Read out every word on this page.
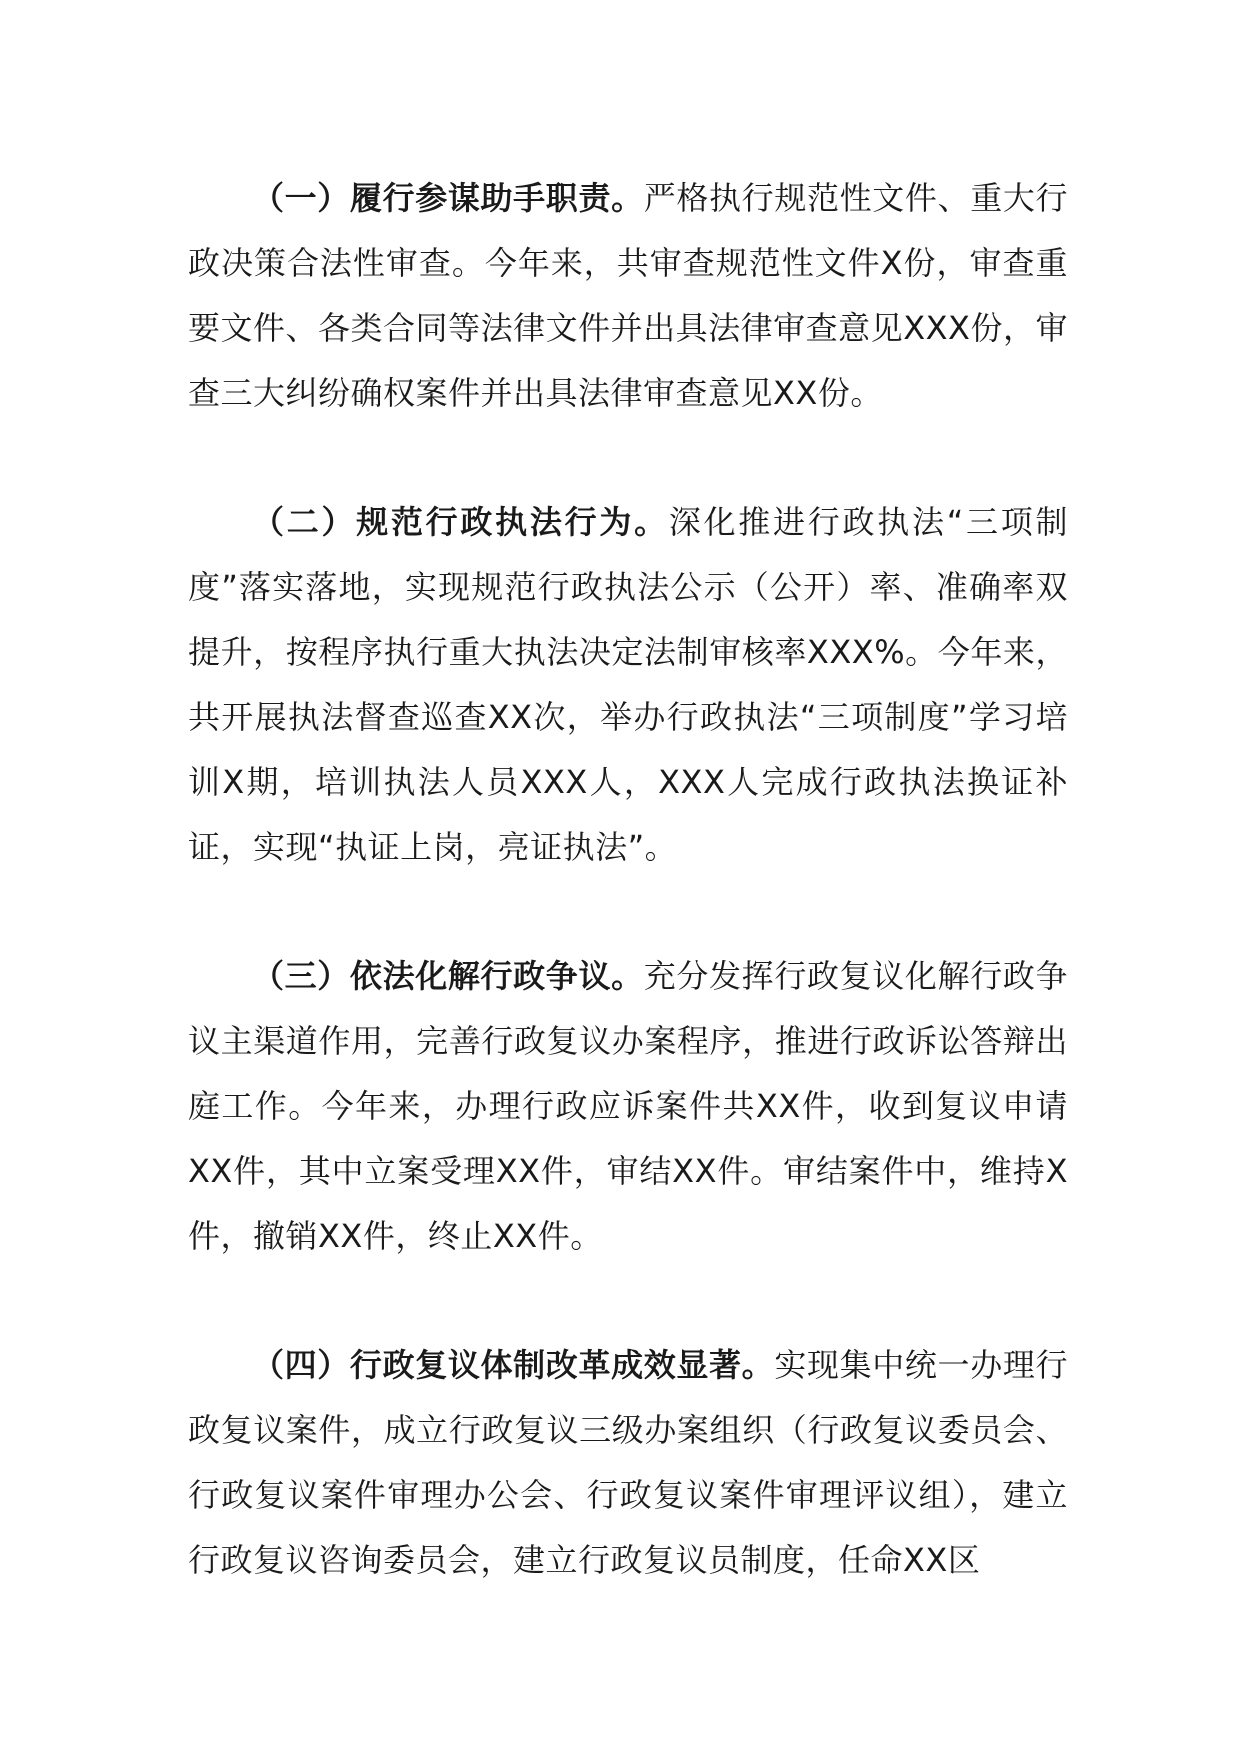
（一）履行参谋助手职责。严格执行规范性文件、重大行政决策合法性审查。今年来，共审查规范性文件X份，审查重要文件、各类合同等法律文件并出具法律审查意见XXX份，审查三大纠纷确权案件并出具法律审查意见XX份。

（二）规范行政执法行为。深化推进行政执法“三项制度”落实落地，实现规范行政执法公示（公开）率、准确率双提升，按程序执行重大执法决定法制审核率XXX%。今年来，共开展执法督查巡查XX次，举办行政执法“三项制度”学习培训X期，培训执法人员XXX人，XXX人完成行政执法换证补证，实现“执证上岗，亮证执法”。

（三）依法化解行政争议。充分发挥行政复议化解行政争议主渠道作用，完善行政复议办案程序，推进行政诉讼答辩出庭工作。今年来，办理行政应诉案件共XX件，收到复议申请XX件，其中立案受理XX件，审结XX件。审结案件中，维持X件，撤销XX件，终止XX件。

（四）行政复议体制改革成效显著。实现集中统一办理行政复议案件，成立行政复议三级办案组织（行政复议委员会、行政复议案件审理办公会、行政复议案件审理评议组），建立行政复议咨询委员会，建立行政复议员制度，任命XX区
